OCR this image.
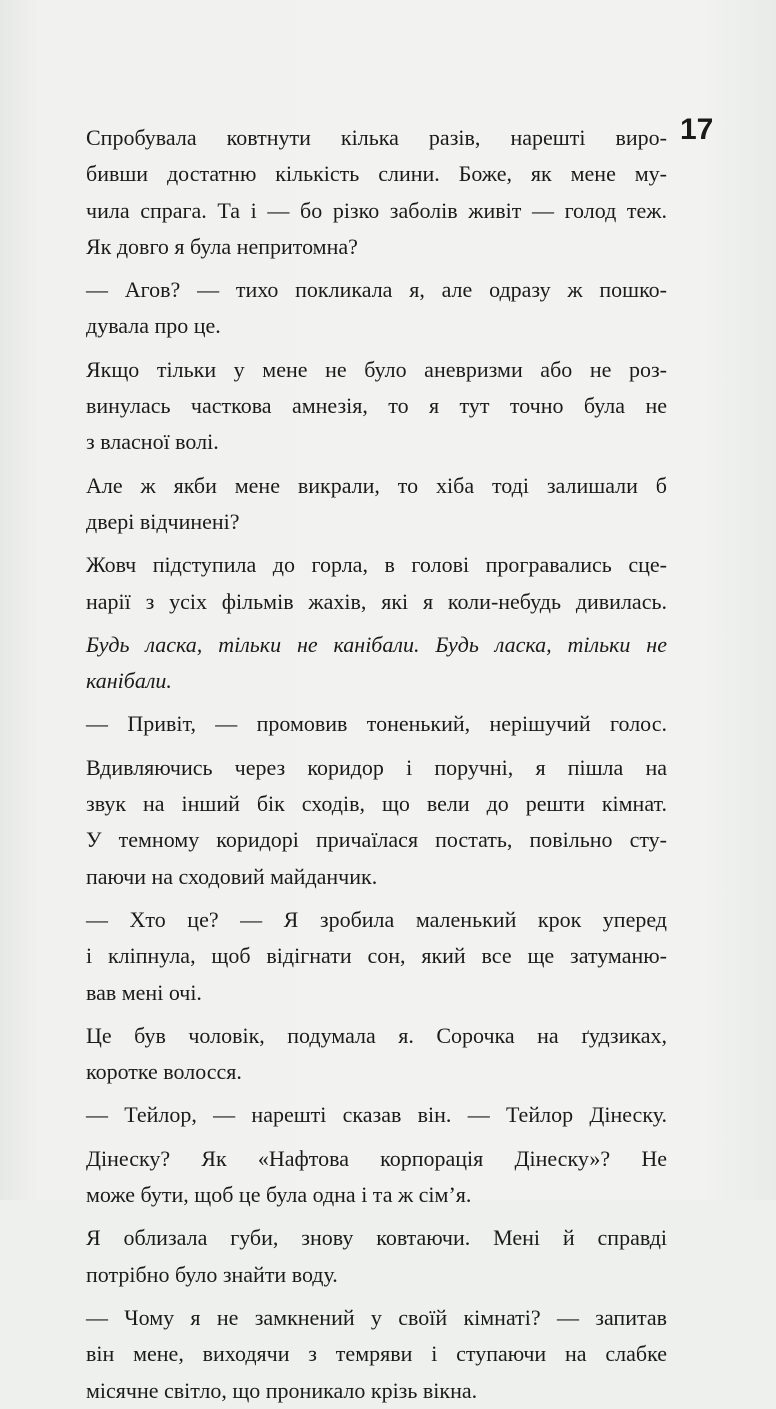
17
Спробувала ковтнути кілька разів, нарешті виро-
бивши достатню кількість слини. Боже, як мене му-
чила спрага. Та і — бо різко заболів живіт — голод теж.
Як довго я була непритомна?
— Агов? — тихо покликала я, але одразу ж пошко-
дувала про це.
Якщо тільки у мене не було аневризми або не роз-
винулась часткова амнезія, то я тут точно була не
з власної волі.
Але ж якби мене викрали, то хіба тоді залишали б
двері відчинені?
Жовч підступила до горла, в голові програвались сце-
нарії з усіх фільмів жахів, які я коли-небудь дивилась.
Будь ласка, тільки не канібали. Будь ласка, тільки не
канібали.
— Привіт, — промовив тоненький, нерішучий голос.
Вдивляючись через коридор і поручні, я пішла на
звук на інший бік сходів, що вели до решти кімнат.
У темному коридорі причаїлася постать, повільно сту-
паючи на сходовий майданчик.
— Хто це? — Я зробила маленький крок уперед
і кліпнула, щоб відігнати сон, який все ще затуманю-
вав мені очі.
Це був чоловік, подумала я. Сорочка на ґудзиках,
коротке волосся.
— Тейлор, — нарешті сказав він. — Тейлор Дінеску.
Дінеску? Як «Нафтова корпорація Дінеску»? Не
може бути, щоб це була одна і та ж сім’я.
Я облизала губи, знову ковтаючи. Мені й справді
потрібно було знайти воду.
— Чому я не замкнений у своїй кімнаті? — запитав
він мене, виходячи з темряви і ступаючи на слабке
місячне світло, що проникало крізь вікна.
